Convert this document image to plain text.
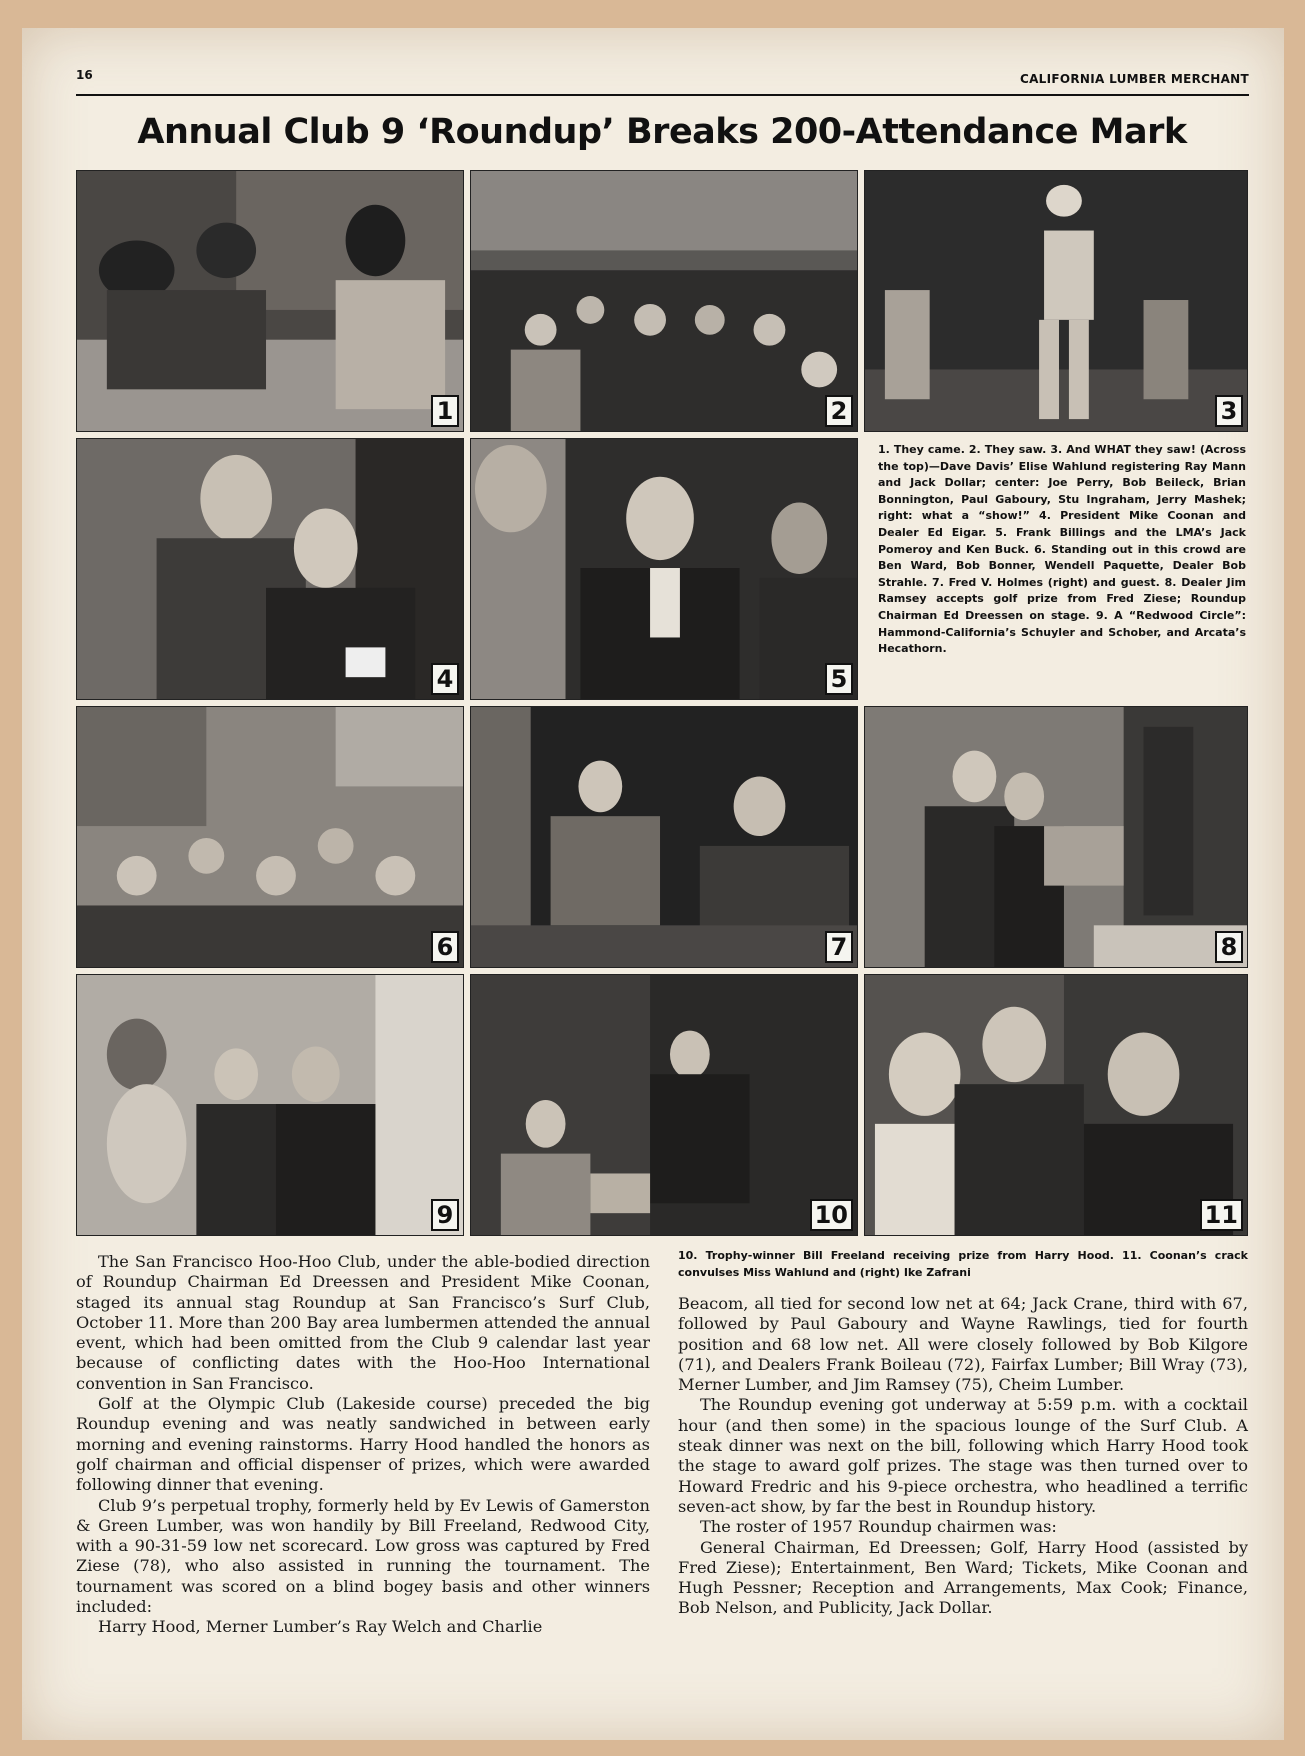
16	CALIFORNIA LUMBER MERCHANT
Annual Club 9 ‘Roundup’ Breaks 200-Attendance Mark
1	2	3
4	5

1. They came. 2. They saw. 3. And WHAT they saw! (Across the top)—Dave Davis’ Elise Wahlund registering Ray Mann and Jack Dollar; center: Joe Perry, Bob Beileck, Brian Bonnington, Paul Gaboury, Stu Ingraham, Jerry Mashek; right: what a “show!” 4. President Mike Coonan and Dealer Ed Eigar. 5. Frank Billings and the LMA’s Jack Pomeroy and Ken Buck. 6. Standing out in this crowd are Ben Ward, Bob Bonner, Wendell Paquette, Dealer Bob Strahle. 7. Fred V. Holmes (right) and guest. 8. Dealer Jim Ramsey accepts golf prize from Fred Ziese; Roundup Chairman Ed Dreessen on stage. 9. A “Redwood Circle”: Hammond-California’s Schuyler and Schober, and Arcata’s Hecathorn.

6	7	8
9	10	11

The San Francisco Hoo-Hoo Club, under the able-bodied direction of Roundup Chairman Ed Dreessen and President Mike Coonan, staged its annual stag Roundup at San Francisco’s Surf Club, October 11. More than 200 Bay area lumbermen attended the annual event, which had been omitted from the Club 9 calendar last year because of conflicting dates with the Hoo-Hoo International convention in San Francisco.

Golf at the Olympic Club (Lakeside course) preceded the big Roundup evening and was neatly sandwiched in between early morning and evening rainstorms. Harry Hood handled the honors as golf chairman and official dispenser of prizes, which were awarded following dinner that evening.

Club 9’s perpetual trophy, formerly held by Ev Lewis of Gamerston & Green Lumber, was won handily by Bill Freeland, Redwood City, with a 90-31-59 low net scorecard. Low gross was captured by Fred Ziese (78), who also assisted in running the tournament. The tournament was scored on a blind bogey basis and other winners included:

Harry Hood, Merner Lumber’s Ray Welch and Charlie

10. Trophy-winner Bill Freeland receiving prize from Harry Hood. 11. Coonan’s crack convulses Miss Wahlund and (right) Ike Zafrani

Beacom, all tied for second low net at 64; Jack Crane, third with 67, followed by Paul Gaboury and Wayne Rawlings, tied for fourth position and 68 low net. All were closely followed by Bob Kilgore (71), and Dealers Frank Boileau (72), Fairfax Lumber; Bill Wray (73), Merner Lumber, and Jim Ramsey (75), Cheim Lumber.

The Roundup evening got underway at 5:59 p.m. with a cocktail hour (and then some) in the spacious lounge of the Surf Club. A steak dinner was next on the bill, following which Harry Hood took the stage to award golf prizes. The stage was then turned over to Howard Fredric and his 9-piece orchestra, who headlined a terrific seven-act show, by far the best in Roundup history.

The roster of 1957 Roundup chairmen was:

General Chairman, Ed Dreessen; Golf, Harry Hood (assisted by Fred Ziese); Entertainment, Ben Ward; Tickets, Mike Coonan and Hugh Pessner; Reception and Arrangements, Max Cook; Finance, Bob Nelson, and Publicity, Jack Dollar.
